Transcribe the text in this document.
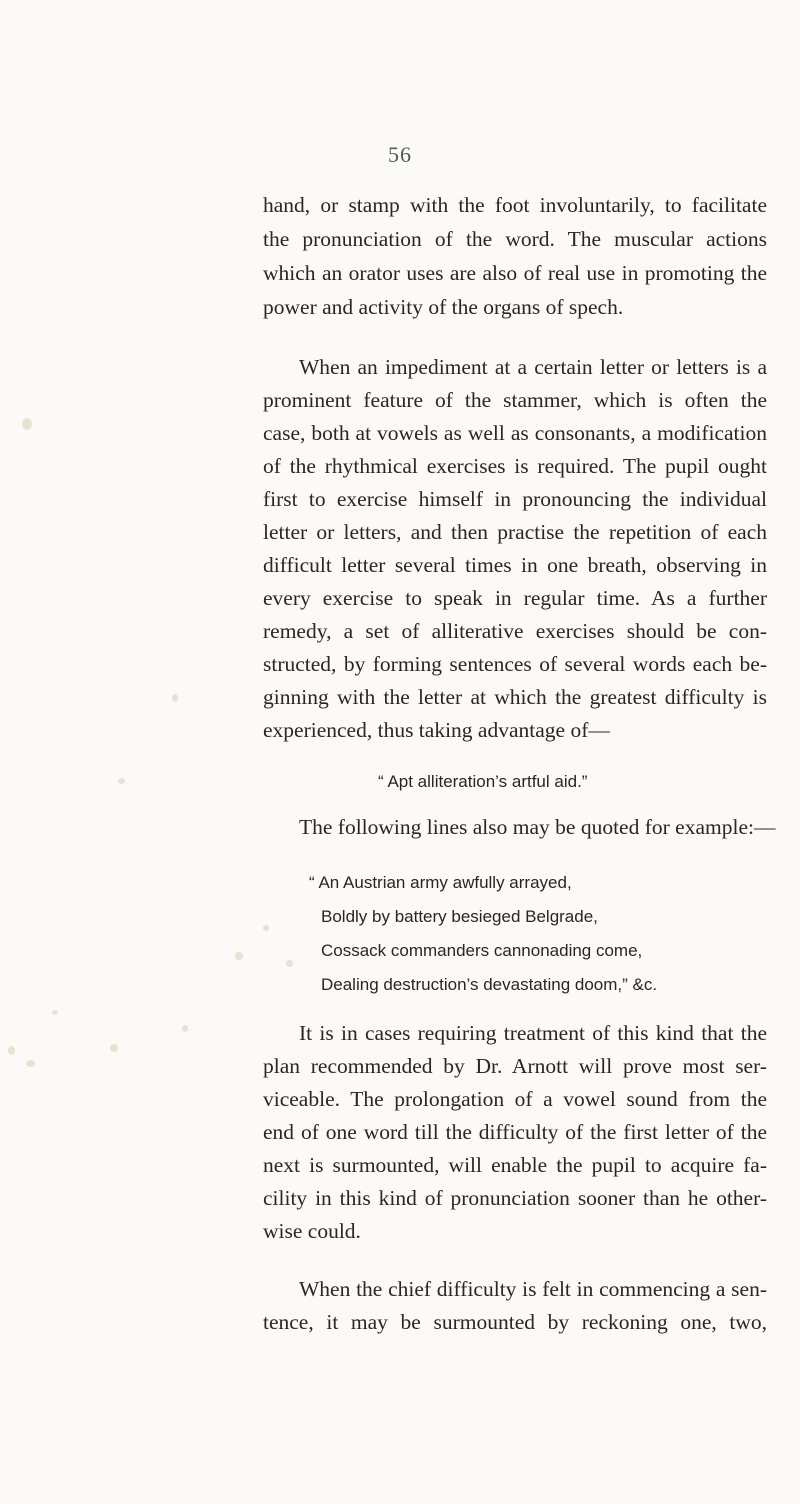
56
hand, or stamp with the foot involuntarily, to facilitate
the pronunciation of the word. The muscular actions
which an orator uses are also of real use in promoting the
power and activity of the organs of spech.
When an impediment at a certain letter or letters is a
prominent feature of the stammer, which is often the
case, both at vowels as well as consonants, a modification
of the rhythmical exercises is required. The pupil ought
first to exercise himself in pronouncing the individual
letter or letters, and then practise the repetition of each
difficult letter several times in one breath, observing in
every exercise to speak in regular time. As a further
remedy, a set of alliterative exercises should be con-
structed, by forming sentences of several words each be-
ginning with the letter at which the greatest difficulty is
experienced, thus taking advantage of—
“ Apt alliteration’s artful aid.”
The following lines also may be quoted for example:—
“ An Austrian army awfully arrayed,
Boldly by battery besieged Belgrade,
Cossack commanders cannonading come,
Dealing destruction’s devastating doom,” &c.
It is in cases requiring treatment of this kind that the
plan recommended by Dr. Arnott will prove most ser-
viceable. The prolongation of a vowel sound from the
end of one word till the difficulty of the first letter of the
next is surmounted, will enable the pupil to acquire fa-
cility in this kind of pronunciation sooner than he other-
wise could.
When the chief difficulty is felt in commencing a sen-
tence, it may be surmounted by reckoning one, two,
